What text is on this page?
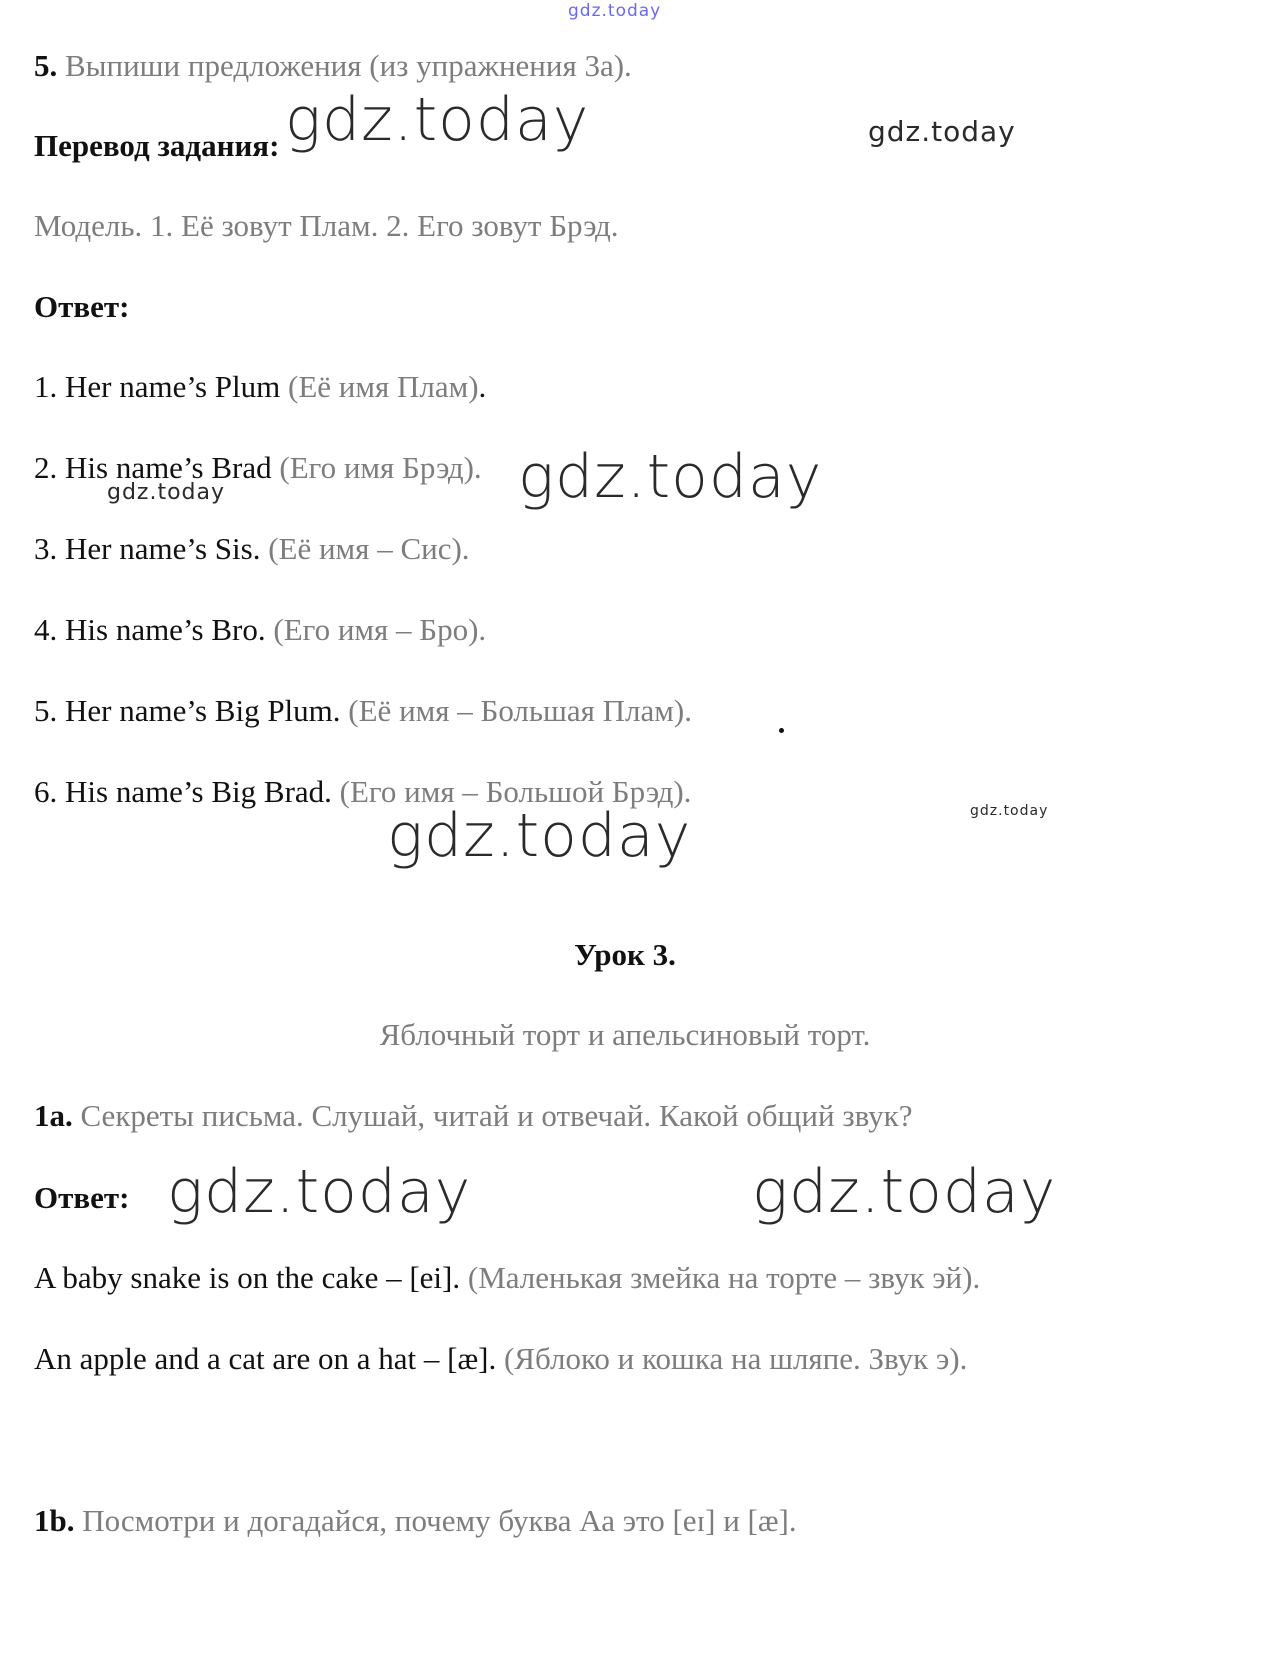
gdz.today
gdz.today	gdz.today
gdz.today
gdz.today
gdz.today	gdz.today
gdz.today	gdz.today

5. Выпиши предложения (из упражнения 3а).

Перевод задания:

Модель. 1. Её зовут Плам. 2. Его зовут Брэд.

Ответ:

1. Her name’s Plum (Её имя Плам).

2. His name’s Brad (Его имя Брэд).

3. Her name’s Sis. (Её имя – Сис).

4. His name’s Bro. (Его имя – Бро).

5. Her name’s Big Plum. (Её имя – Большая Плам).

6. His name’s Big Brad. (Его имя – Большой Брэд).

Урок 3.

Яблочный торт и апельсиновый торт.

1a. Секреты письма. Слушай, читай и отвечай. Какой общий звук?

Ответ:

A baby snake is on the cake – [ei]. (Маленькая змейка на торте – звук эй).

An apple and a cat are on a hat – [æ]. (Яблоко и кошка на шляпе. Звук э).

1b. Посмотри и догадайся, почему буква Аа это [eɪ] и [æ].
